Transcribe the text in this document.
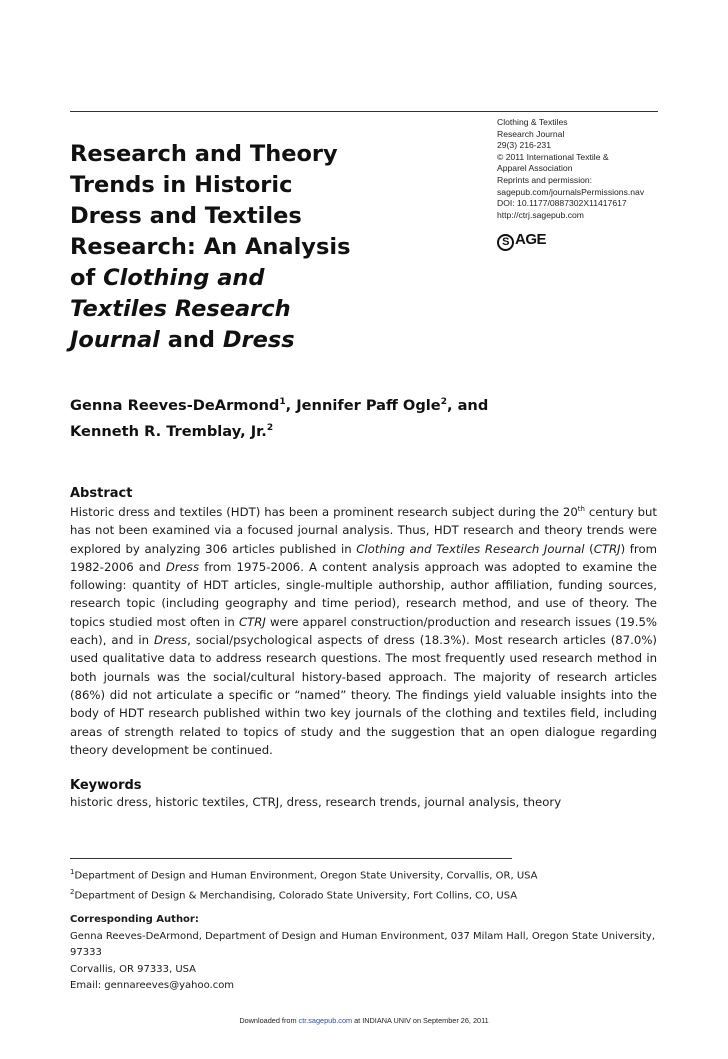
Research and Theory
Trends in Historic
Dress and Textiles
Research: An Analysis
of Clothing and
Textiles Research
Journal and Dress
Clothing & Textiles
Research Journal
29(3) 216-231
© 2011 International Textile &
Apparel Association
Reprints and permission:
sagepub.com/journalsPermissions.nav
DOI: 10.1177/0887302X11417617
http://ctrj.sagepub.com
S AGE

Genna Reeves-DeArmond$^1$, Jennifer Paff Ogle$^2$, and
Kenneth R. Tremblay, Jr.$^2$

Abstract

Historic dress and textiles (HDT) has been a prominent research subject during the 20th century but has not been examined via a focused journal analysis. Thus, HDT research and theory trends were explored by analyzing 306 articles published in Clothing and Textiles Research Journal (CTRJ) from 1982-2006 and Dress from 1975-2006. A content analysis approach was adopted to examine the following: quantity of HDT articles, single-multiple authorship, author affiliation, funding sources, research topic (including geography and time period), research method, and use of theory. The topics studied most often in CTRJ were apparel construction/production and research issues (19.5% each), and in Dress, social/psychological aspects of dress (18.3%). Most research articles (87.0%) used qualitative data to address research questions. The most frequently used research method in both journals was the social/cultural history-based approach. The majority of research articles (86%) did not articulate a specific or “named” theory. The findings yield valuable insights into the body of HDT research published within two key journals of the clothing and textiles field, including areas of strength related to topics of study and the suggestion that an open dialogue regarding theory development be continued.

Keywords

historic dress, historic textiles, CTRJ, dress, research trends, journal analysis, theory

$^1$Department of Design and Human Environment, Oregon State University, Corvallis, OR, USA
$^2$Department of Design & Merchandising, Colorado State University, Fort Collins, CO, USA
Corresponding Author:
Genna Reeves-DeArmond, Department of Design and Human Environment, 037 Milam Hall, Oregon State University, 97333
Corvallis, OR 97333, USA
Email: gennareeves@yahoo.com
Downloaded from ctr.sagepub.com at INDIANA UNIV on September 26, 2011
